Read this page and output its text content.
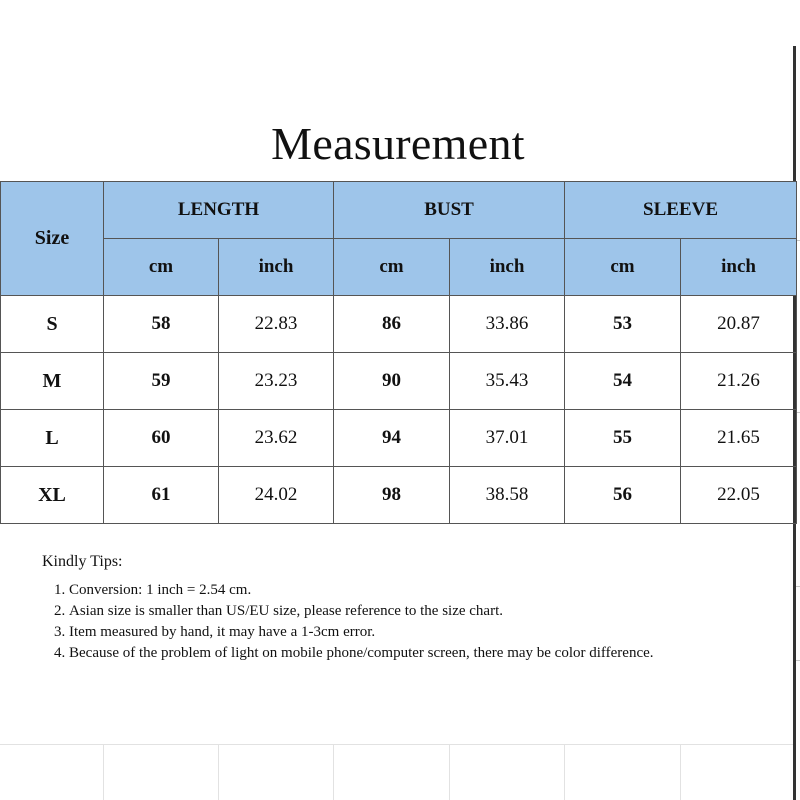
Measurement
Size	LENGTH		BUST		SLEEVE	
	cm	inch	cm	inch	cm	inch
S	58	22.83	86	33.86	53	20.87
M	59	23.23	90	35.43	54	21.26
L	60	23.62	94	37.01	55	21.65
XL	61	24.02	98	38.58	56	22.05
Kindly Tips:
1. Conversion: 1 inch = 2.54 cm.
2. Asian size is smaller than US/EU size, please reference to the size chart.
3. Item measured by hand, it may have a 1-3cm error.
4. Because of the problem of light on mobile phone/computer screen, there may be color difference.
